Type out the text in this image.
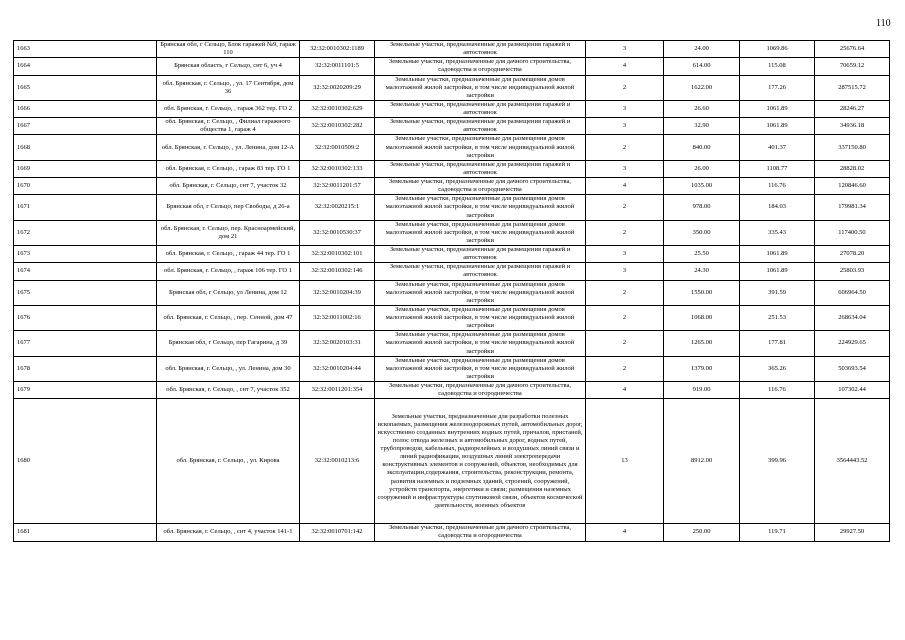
110
1663	Брянская обл, г Сельцо, Блок гаражей №9, гараж 110	32:32:0010302:1189	Земельные участки, предназначенные для размещения гаражей и автостоянок	3	24.00	1069.86	25676.64
1664	Брянская область, г Сельцо, снт 6, уч 4	32:32:0011101:5	Земельные участки, предназначенные для дачного строительства, садоводства и огородничества	4	614.00	115.08	70659.12
1665	обл. Брянская, г. Сельцо, , ул. 17 Сентября, дом 36	32:32:0020209:29	Земельные участки, предназначенные для размещения домов малоэтажной жилой застройки, в том числе индивидуальной жилой застройки	2	1622.00	177.26	287515.72
1666	обл. Брянская, г. Сельцо, , гараж 362 тер. ГО 2	32:32:0010302:629	Земельные участки, предназначенные для размещения гаражей и автостоянок	3	26.60	1061.89	28246.27
1667	обл. Брянская, г. Сельцо, , Филиал гаражного общества 1, гараж 4	32:32:0010302:282	Земельные участки, предназначенные для размещения гаражей и автостоянок	3	32.90	1061.89	34936.18
1668	обл. Брянская, г. Сельцо, , ул. Ленина, дом 12-А	32:32:0010509:2	Земельные участки, предназначенные для размещения домов малоэтажной жилой застройки, в том числе индивидуальной жилой застройки	2	840.00	401.37	337150.80
1669	обл. Брянская, г. Сельцо, , гараж 83 тер. ГО 1	32:32:0010302:133	Земельные участки, предназначенные для размещения гаражей и автостоянок	3	26.00	1108.77	28828.02
1670	обл. Брянская, г. Сельцо, снт 7, участок 32	32:32:0011201:57	Земельные участки, предназначенные для дачного строительства, садоводства и огородничества	4	1035.00	116.76	120846.60
1671	Брянская обл, г Сельцо, пер Свободы, д 26-а	32:32:0020215:1	Земельные участки, предназначенные для размещения домов малоэтажной жилой застройки, в том числе индивидуальной жилой застройки	2	978.00	184.03	179981.34
1672	обл. Брянская, г. Сельцо, пер. Красноармейский, дом 21	32:32:0010530:37	Земельные участки, предназначенные для размещения домов малоэтажной жилой застройки, в том числе индивидуальной жилой застройки	2	350.00	335.43	117400.50
1673	обл. Брянская, г. Сельцо, , гараж 44 тер. ГО 1	32:32:0010302:101	Земельные участки, предназначенные для размещения гаражей и автостоянок	3	25.50	1061.89	27078.20
1674	обл. Брянская, г. Сельцо, , гараж 106 тер. ГО 1	32:32:0010302:146	Земельные участки, предназначенные для размещения гаражей и автостоянок	3	24.30	1061.89	25803.93
1675	Брянская обл, г Сельцо, ул Ленина, дом 12	32:32:0010204:39	Земельные участки, предназначенные для размещения домов малоэтажной жилой застройки, в том числе индивидуальной жилой застройки	2	1550.00	391.59	606964.50
1676	обл. Брянская, г. Сельцо, , пер. Сенной, дом 47	32:32:0011002:16	Земельные участки, предназначенные для размещения домов малоэтажной жилой застройки, в том числе индивидуальной жилой застройки	2	1068.00	251.53	268634.04
1677	Брянская обл, г Сельцо, пер Гагарина, д 39	32:32:0020103:31	Земельные участки, предназначенные для размещения домов малоэтажной жилой застройки, в том числе индивидуальной жилой застройки	2	1265.00	177.81	224929.65
1678	обл. Брянская, г. Сельцо, , ул. Ленина, дом 30	32:32:0010204:44	Земельные участки, предназначенные для размещения домов малоэтажной жилой застройки, в том числе индивидуальной жилой застройки	2	1379.00	365.26	503693.54
1679	обл. Брянская, г. Сельцо, , снт 7, участок 352	32:32:0011201:354	Земельные участки, предназначенные для дачного строительства, садоводства и огородничества	4	919.00	116.76	107302.44
1680	обл. Брянская, г. Сельцо, , ул. Кирова	32:32:0010213:6	Земельные участки, предназначенные для разработки полезных ископаемых, размещения железнодорожных путей, автомобильных дорог, искусственно созданных внутренних водных путей, причалов, пристаней, полос отвода железных и автомобильных дорог, водных путей, трубопроводов, кабельных, радиорелейных и воздушных линий связи и линий радиофикации, воздушных линий электропередачи конструктивных элементов и сооружений, объектов, необходимых для эксплуатации,содержания, строительства, реконструкции, ремонта, развития наземных и подземных зданий, строений, сооружений, устройств транспорта, энергетики и связи; размещения наземных сооружений и инфраструктуры спутниковой связи, объектов космической деятельности, военных объектов	13	8912.00	399.96	3564443.52
1681	обл. Брянская, г. Сельцо, , снт 4, участок 141-1	32:32:0010701:142	Земельные участки, предназначенные для дачного строительства, садоводства и огородничества	4	250.00	119.71	29927.50
